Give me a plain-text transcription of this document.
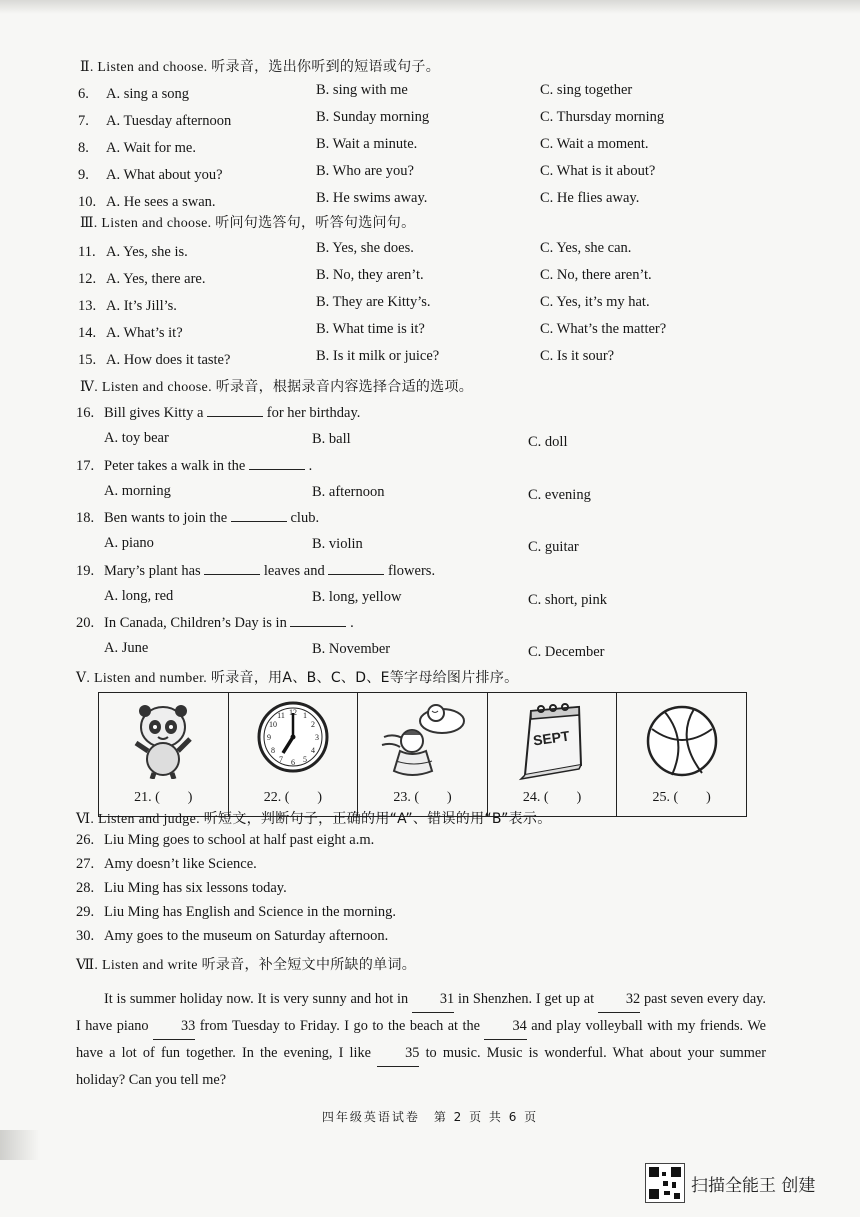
Ⅱ. Listen and choose. 听录音，选出你听到的短语或句子。
6.	A. sing a song	B. sing with me	C. sing together
7.	A. Tuesday afternoon	B. Sunday morning	C. Thursday morning
8.	A. Wait for me.	B. Wait a minute.	C. Wait a moment.
9.	A. What about you?	B. Who are you?	C. What is it about?
10. A. He sees a swan.	B. He swims away.	C. He flies away.
Ⅲ. Listen and choose. 听问句选答句，听答句选问句。
11. A. Yes, she is.	B. Yes, she does.	C. Yes, she can.
12. A. Yes, there are.	B. No, they aren’t.	C. No, there aren’t.
13. A. It’s Jill’s.	B. They are Kitty’s.	C. Yes, it’s my hat.
14. A. What’s it?	B. What time is it?	C. What’s the matter?
15. A. How does it taste?	B. Is it milk or juice?	C. Is it sour?
Ⅳ. Listen and choose. 听录音，根据录音内容选择合适的选项。
16. Bill gives Kitty a	for her birthday.
A. toy bear	B. ball	C. doll
17. Peter takes a walk in the	.
A. morning	B. afternoon	C. evening
18. Ben wants to join the	club.
A. piano	B. violin	C. guitar
19. Mary’s plant has	leaves and	flowers.
A. long, red	B. long, yellow	C. short, pink
20. In Canada, Children’s Day is in	.
A. June	B. November	C. December
Ⅴ. Listen and number. 听录音，用A、B、C、D、E等字母给图片排序。
21. (　　)
12 1
2
3
4
5
6
7
8
9
10
11
22. (　　)	23. (　　)
SEPT
24. (　　)	25. (　　)
Ⅵ. Listen and judge. 听短文，判断句子，正确的用“A”、错误的用“B”表示。
26. Liu Ming goes to school at half past eight a.m.
27. Amy doesn’t like Science.
28. Liu Ming has six lessons today.
29. Liu Ming has English and Science in the morning.
30. Amy goes to the museum on Saturday afternoon.
Ⅶ. Listen and write 听录音，补全短文中所缺的单词。
It is summer holiday now. It is very sunny and hot in 31 in Shenzhen. I get up at 32 past seven every day. I have piano 33 from Tuesday to Friday. I go to the beach at the 34 and play volleyball with my friends. We have a lot of fun together. In the evening, I like 35 to music. Music is wonderful. What about your summer holiday? Can you tell me?
四年级英语试卷　第 2 页 共 6 页
扫描全能王 创建
